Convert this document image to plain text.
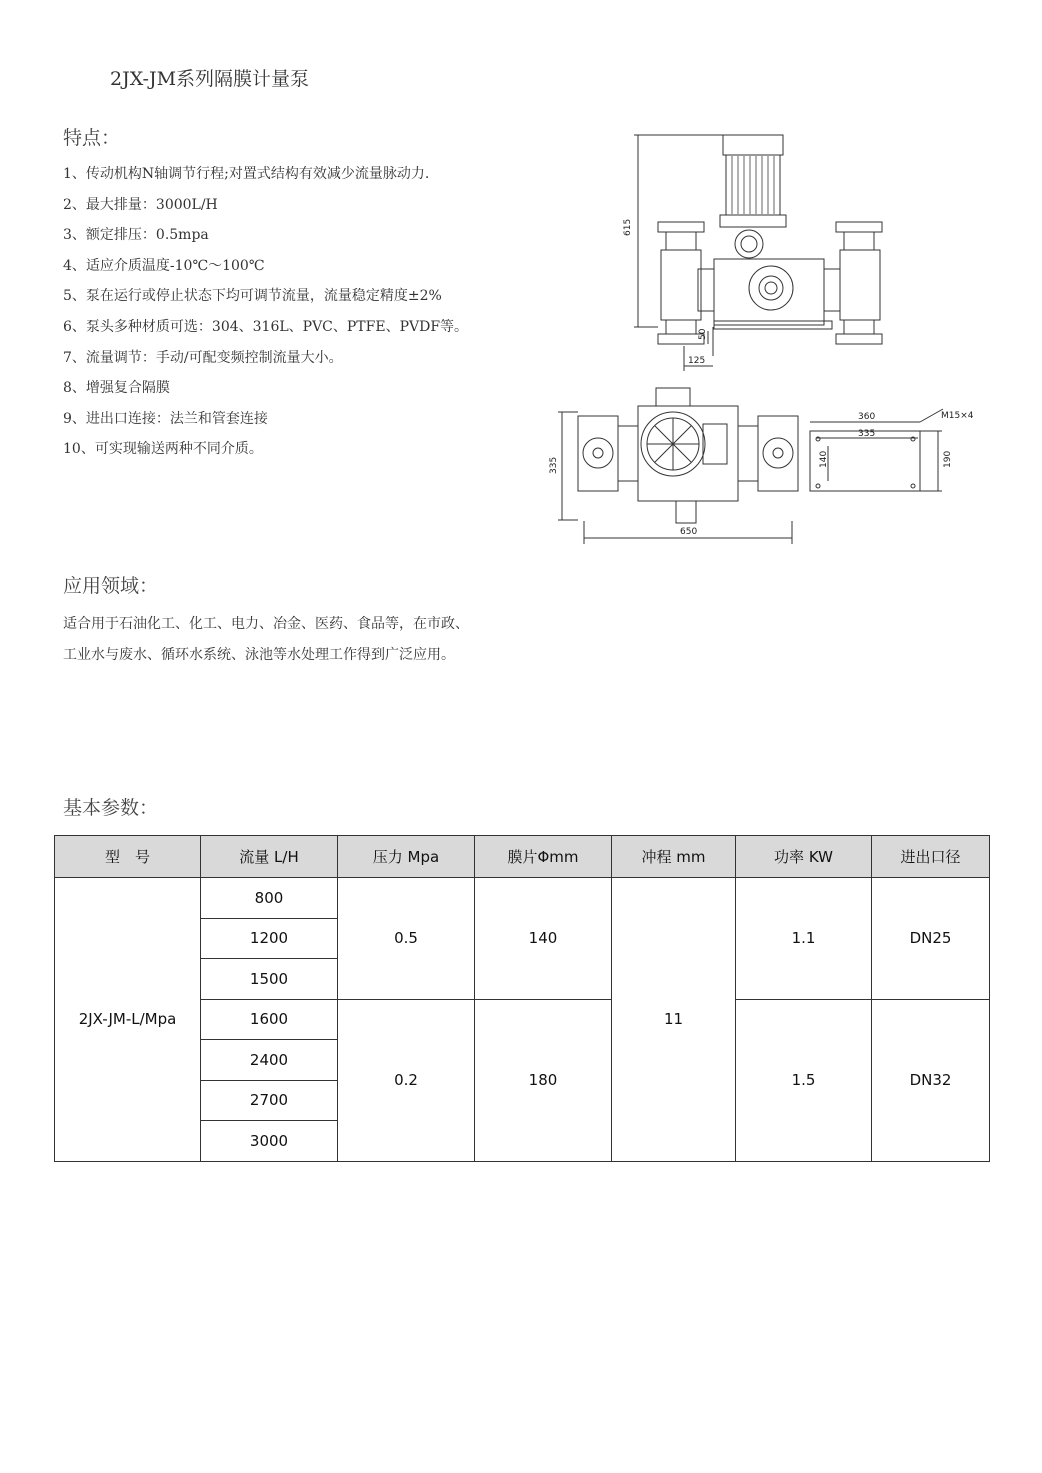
2JX-JM系列隔膜计量泵
特点：
1、传动机构N轴调节行程;对置式结构有效减少流量脉动力.
2、最大排量：3000L/H
3、额定排压：0.5mpa
4、适应介质温度-10℃～100℃
5、泵在运行或停止状态下均可调节流量，流量稳定精度±2%
6、泵头多种材质可选：304、316L、PVC、PTFE、PVDF等。
7、流量调节：手动/可配变频控制流量大小。
8、增强复合隔膜
9、进出口连接：法兰和管套连接
10、可实现输送两种不同介质。
615
50
125
335
650
360
335
140	190
M15×4
应用领域：
适合用于石油化工、化工、电力、冶金、医药、食品等，在市政、
工业水与废水、循环水系统、泳池等水处理工作得到广泛应用。
基本参数：
型　号	流量 L/H	压力 Mpa	膜片Φmm	冲程 mm	功率 KW	进出口径
2JX-JM-L/Mpa	800	0.5	140	11	1.1	DN25
	1200					
	1500					
	1600	0.2	180		1.5	DN32
	2400					
	2700					
	3000					
